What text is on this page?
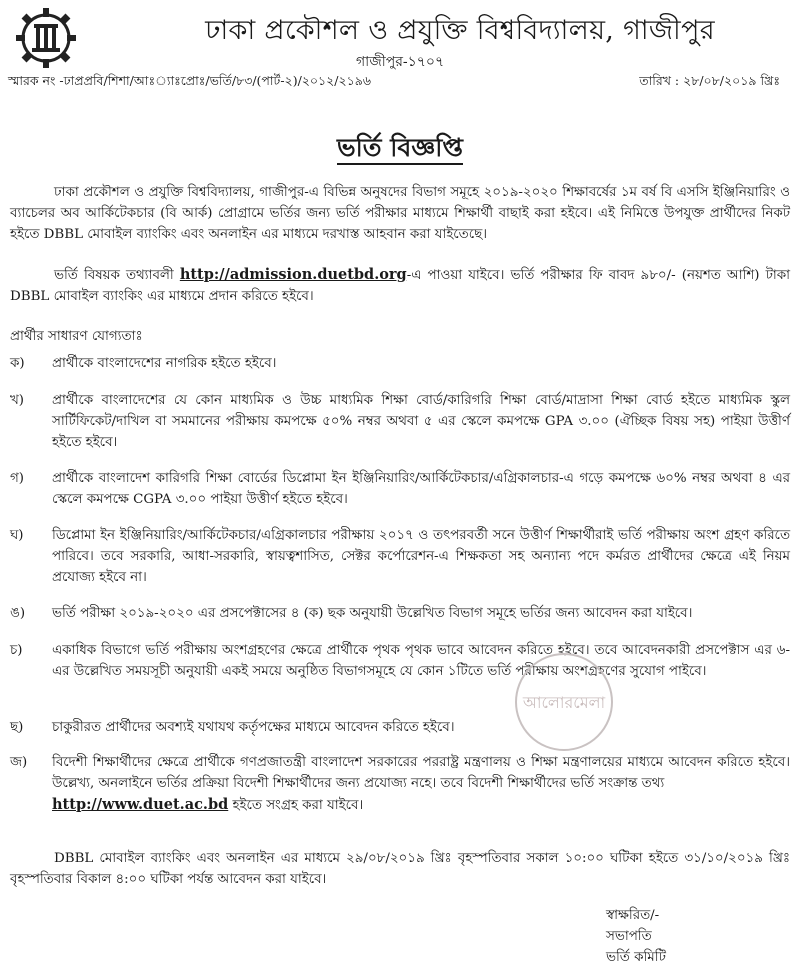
ঢাকা প্রকৌশল ও প্রযুক্তি বিশ্ববিদ্যালয়, গাজীপুর
গাজীপুর-১৭০৭
স্মারক নং -ঢাপ্রপ্রবি/শিশা/আঃ্যাঃপ্রোঃ/ভর্তি/৮৩/(পার্ট-২)/২০১২/২১৯৬	তারিখ : ২৮/০৮/২০১৯ খ্রিঃ
ভর্তি বিজ্ঞপ্তি
ঢাকা প্রকৌশল ও প্রযুক্তি বিশ্ববিদ্যালয়, গাজীপুর-এ বিভিন্ন অনুষদের বিভাগ সমূহে ২০১৯-২০২০ শিক্ষাবর্ষের ১ম বর্ষ বি এসসি ইঞ্জিনিয়ারিং ও ব্যাচেলর অব আর্কিটেকচার (বি আর্ক) প্রোগ্রামে ভর্তির জন্য ভর্তি পরীক্ষার মাধ্যমে শিক্ষার্থী বাছাই করা হইবে। এই নিমিত্তে উপযুক্ত প্রার্থীদের নিকট হইতে DBBL মোবাইল ব্যাংকিং এবং অনলাইন এর মাধ্যমে দরখাস্ত আহবান করা যাইতেছে।
ভর্তি বিষয়ক তথ্যাবলী http://admission.duetbd.org-এ পাওয়া যাইবে। ভর্তি পরীক্ষার ফি বাবদ ৯৮০/- (নয়শত আশি) টাকা DBBL মোবাইল ব্যাংকিং এর মাধ্যমে প্রদান করিতে হইবে।
প্রার্থীর সাধারণ যোগ্যতাঃ
ক)	প্রার্থীকে বাংলাদেশের নাগরিক হইতে হইবে।
খ)	প্রার্থীকে বাংলাদেশের যে কোন মাধ্যমিক ও উচ্চ মাধ্যমিক শিক্ষা বোর্ড/কারিগরি শিক্ষা বোর্ড/মাদ্রাসা শিক্ষা বোর্ড হইতে মাধ্যমিক স্কুল সার্টিফিকেট/দাখিল বা সমমানের পরীক্ষায় কমপক্ষে ৫০% নম্বর অথবা ৫ এর স্কেলে কমপক্ষে GPA ৩.০০ (ঐচ্ছিক বিষয় সহ) পাইয়া উত্তীর্ণ হইতে হইবে।
গ)	প্রার্থীকে বাংলাদেশ কারিগরি শিক্ষা বোর্ডের ডিপ্লোমা ইন ইঞ্জিনিয়ারিং/আর্কিটেকচার/এগ্রিকালচার-এ গড়ে কমপক্ষে ৬০% নম্বর অথবা ৪ এর স্কেলে কমপক্ষে CGPA ৩.০০ পাইয়া উত্তীর্ণ হইতে হইবে।
ঘ)	ডিপ্লোমা ইন ইঞ্জিনিয়ারিং/আর্কিটেকচার/এগ্রিকালচার পরীক্ষায় ২০১৭ ও তৎপরবর্তী সনে উত্তীর্ণ শিক্ষার্থীরাই ভর্তি পরীক্ষায় অংশ গ্রহণ করিতে পারিবে। তবে সরকারি, আধা-সরকারি, স্বায়ত্বশাসিত, সেক্টর কর্পোরেশন-এ শিক্ষকতা সহ অন্যান্য পদে কর্মরত প্রার্থীদের ক্ষেত্রে এই নিয়ম প্রযোজ্য হইবে না।
ঙ)	ভর্তি পরীক্ষা ২০১৯-২০২০ এর প্রসপেক্টাসের ৪ (ক) ছক অনুযায়ী উল্লেখিত বিভাগ সমূহে ভর্তির জন্য আবেদন করা যাইবে।
চ)	একাধিক বিভাগে ভর্তি পরীক্ষায় অংশগ্রহণের ক্ষেত্রে প্রার্থীকে পৃথক পৃথক ভাবে আবেদন করিতে হইবে। তবে আবেদনকারী প্রসপেক্টাস এর ৬-এর উল্লেখিত সময়সূচী অনুযায়ী একই সময়ে অনুষ্ঠিত বিভাগসমূহে যে কোন ১টিতে ভর্তি পরীক্ষায় অংশগ্রহণের সুযোগ পাইবে।
ছ)	চাকুরীরত প্রার্থীদের অবশ্যই যথাযথ কর্তৃপক্ষের মাধ্যমে আবেদন করিতে হইবে।
জ)	বিদেশী শিক্ষার্থীদের ক্ষেত্রে প্রার্থীকে গণপ্রজাতন্ত্রী বাংলাদেশ সরকারের পররাষ্ট্র মন্ত্রণালয় ও শিক্ষা মন্ত্রণালয়ের মাধ্যমে আবেদন করিতে হইবে। উল্লেখ্য, অনলাইনে ভর্তির প্রক্রিয়া বিদেশী শিক্ষার্থীদের জন্য প্রযোজ্য নহে। তবে বিদেশী শিক্ষার্থীদের ভর্তি সংক্রান্ত তথ্য
http://www.duet.ac.bd হইতে সংগ্রহ করা যাইবে।
DBBL মোবাইল ব্যাংকিং এবং অনলাইন এর মাধ্যমে ২৯/০৮/২০১৯ খ্রিঃ বৃহস্পতিবার সকাল ১০:০০ ঘটিকা হইতে ৩১/১০/২০১৯ খ্রিঃ বৃহস্পতিবার বিকাল ৪:০০ ঘটিকা পর্যন্ত আবেদন করা যাইবে।
স্বাক্ষরিত/-
সভাপতি
ভর্তি কমিটি
আলোরমেলা
